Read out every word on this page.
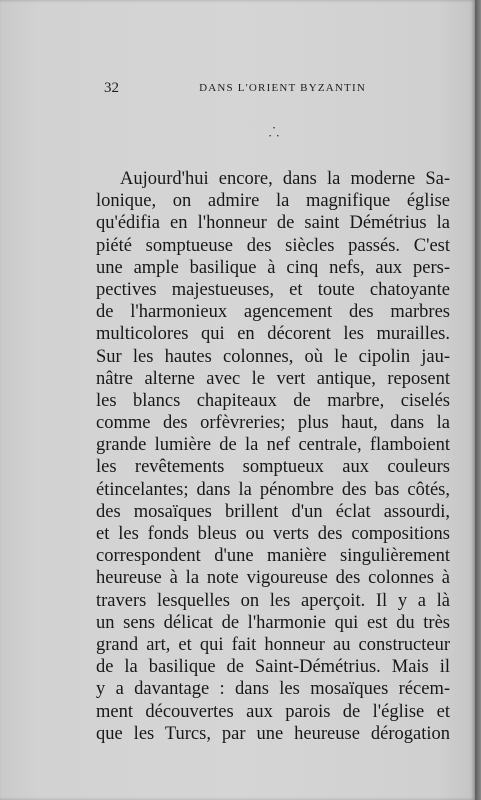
32	DANS L'ORIENT BYZANTIN
·
· ·
Aujourd'hui encore, dans la moderne Sa-
lonique, on admire la magnifique église
qu'édifia en l'honneur de saint Démétrius la
piété somptueuse des siècles passés. C'est
une ample basilique à cinq nefs, aux pers-
pectives majestueuses, et toute chatoyante
de l'harmonieux agencement des marbres
multicolores qui en décorent les murailles.
Sur les hautes colonnes, où le cipolin jau-
nâtre alterne avec le vert antique, reposent
les blancs chapiteaux de marbre, ciselés
comme des orfèvreries; plus haut, dans la
grande lumière de la nef centrale, flamboient
les revêtements somptueux aux couleurs
étincelantes; dans la pénombre des bas côtés,
des mosaïques brillent d'un éclat assourdi,
et les fonds bleus ou verts des compositions
correspondent d'une manière singulièrement
heureuse à la note vigoureuse des colonnes à
travers lesquelles on les aperçoit. Il y a là
un sens délicat de l'harmonie qui est du très
grand art, et qui fait honneur au constructeur
de la basilique de Saint-Démétrius. Mais il
y a davantage : dans les mosaïques récem-
ment découvertes aux parois de l'église et
que les Turcs, par une heureuse dérogation
